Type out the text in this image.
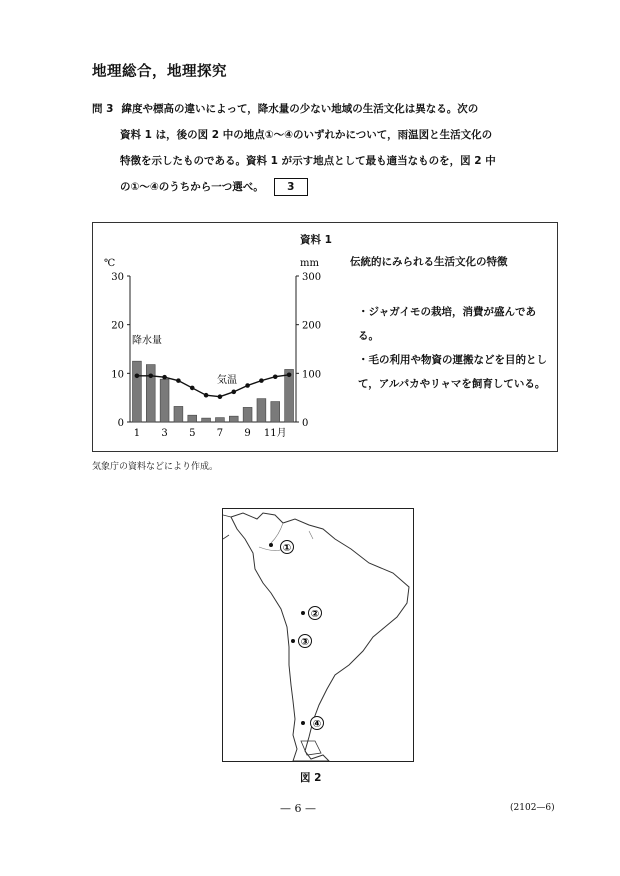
地理総合，地理探究
問 3 緯度や標高の違いによって，降水量の少ない地域の生活文化は異なる。次の
資料 1 は，後の図 2 中の地点①～④のいずれかについて，雨温図と生活文化の
特徴を示したものである。資料 1 が示す地点として最も適当なものを，図 2 中
の①～④のうちから一つ選べ。 3
資料 1
℃	mm
0
10
20
30
0
100
200
300
1 3 5 7 9 11月
降水量
気温
伝統的にみられる生活文化の特徴
・ジャガイモの栽培，消費が盛んである。
・毛の利用や物資の運搬などを目的として，アルパカやリャマを飼育している。
気象庁の資料などにより作成。
①
②
③
④
図 2
— 6 —	(2102—6)
